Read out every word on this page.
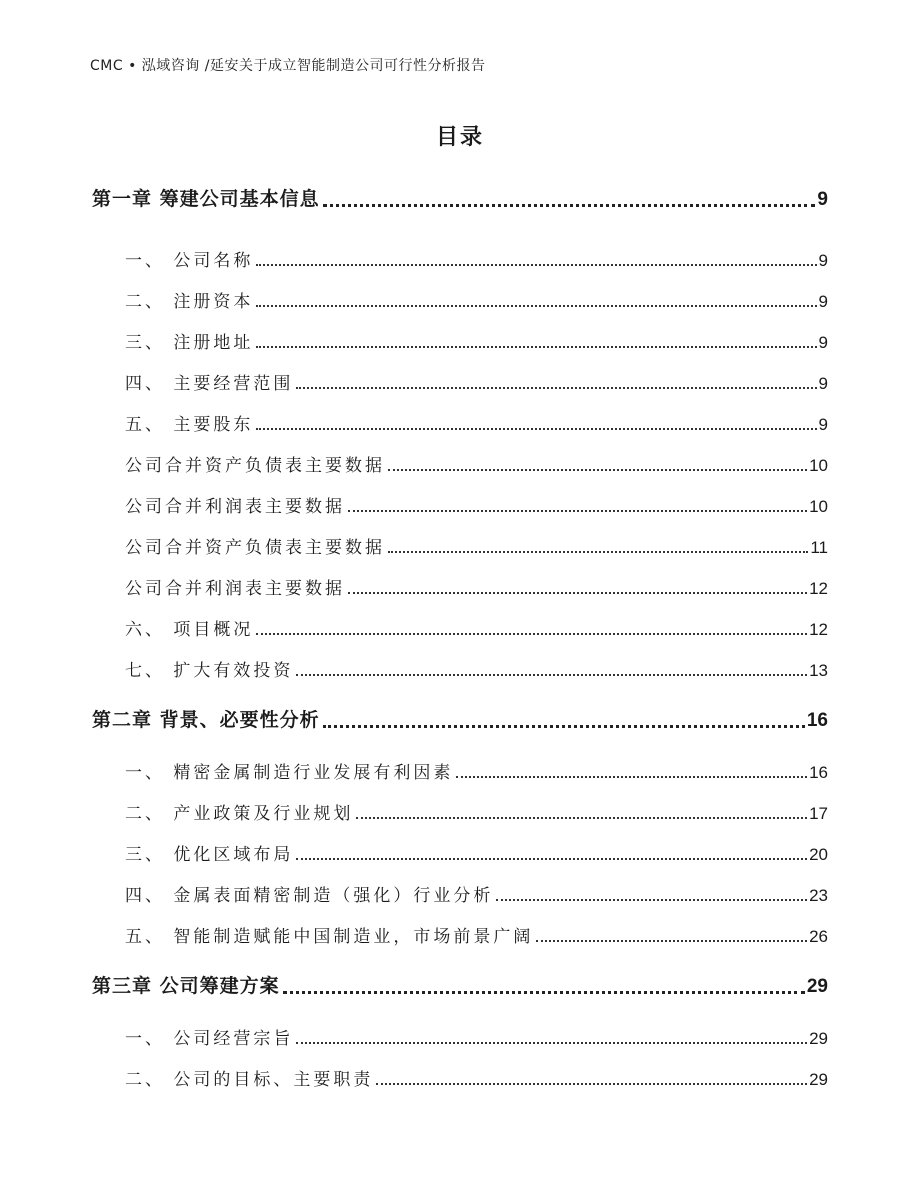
CMC • 泓域咨询 /延安关于成立智能制造公司可行性分析报告
目录
第一章 筹建公司基本信息	9
一、 公司名称	9
二、 注册资本	9
三、 注册地址	9
四、 主要经营范围	9
五、 主要股东	9
公司合并资产负债表主要数据	10
公司合并利润表主要数据	10
公司合并资产负债表主要数据	11
公司合并利润表主要数据	12
六、 项目概况	12
七、 扩大有效投资	13
第二章 背景、必要性分析	16
一、 精密金属制造行业发展有利因素	16
二、 产业政策及行业规划	17
三、 优化区域布局	20
四、 金属表面精密制造（强化）行业分析	23
五、 智能制造赋能中国制造业，市场前景广阔	26
第三章 公司筹建方案	29
一、 公司经营宗旨	29
二、 公司的目标、主要职责	29
